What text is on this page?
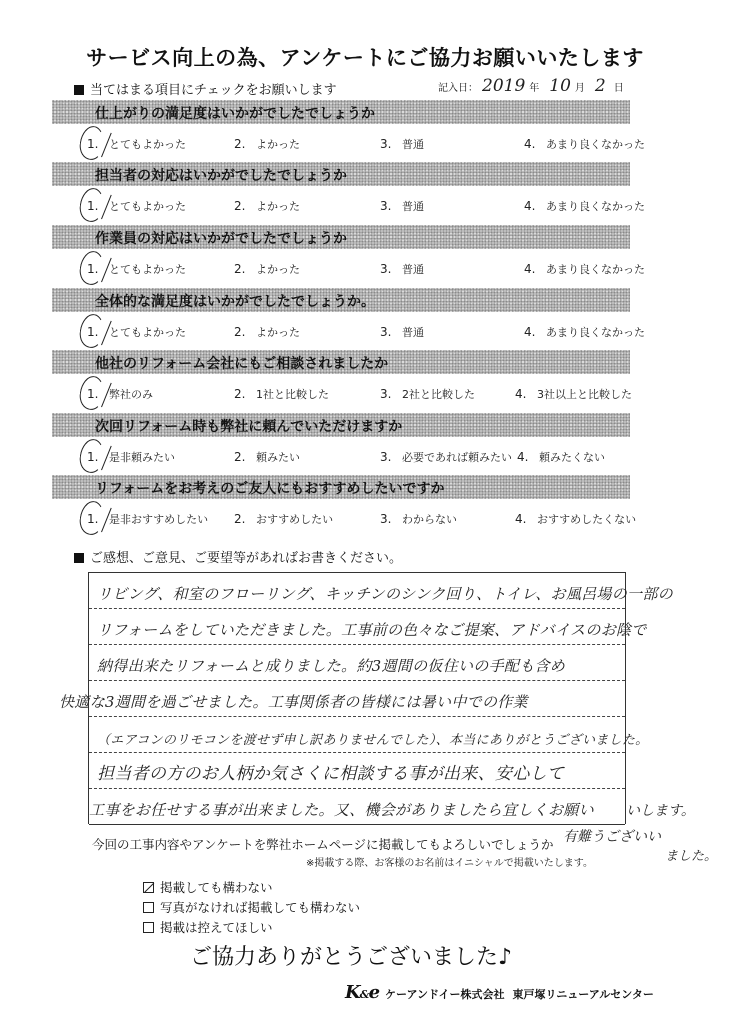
サービス向上の為、アンケートにご協力お願いいたします
当てはまる項目にチェックをお願いします	記入日： 2019 年 10 月 2 日
仕上がりの満足度はいかがでしたでしょうか
1. とてもよかった	2. よかった	3. 普通	4. あまり良くなかった
担当者の対応はいかがでしたでしょうか
1. とてもよかった	2. よかった	3. 普通	4. あまり良くなかった
作業員の対応はいかがでしたでしょうか
1. とてもよかった	2. よかった	3. 普通	4. あまり良くなかった
全体的な満足度はいかがでしたでしょうか。
1. とてもよかった	2. よかった	3. 普通	4. あまり良くなかった
他社のリフォーム会社にもご相談されましたか
1. 弊社のみ	2. 1社と比較した	3. 2社と比較した	4. 3社以上と比較した
次回リフォーム時も弊社に頼んでいただけますか
1. 是非頼みたい	2. 頼みたい	3. 必要であれば頼みたい 4. 頼みたくない
リフォームをお考えのご友人にもおすすめしたいですか
1. 是非おすすめしたい 2. おすすめしたい	3. わからない	4. おすすめしたくない
ご感想、ご意見、ご要望等があればお書きください。
リビング、和室のフローリング、キッチンのシンク回り、トイレ、お風呂場の一部の
リフォームをしていただきました。工事前の色々なご提案、アドバイスのお陰で
納得出来たリフォームと成りました。約3週間の仮住いの手配も含め
快適な3週間を過ごせました。工事関係者の皆様には暑い中での作業
（エアコンのリモコンを渡せず申し訳ありませんでした）、本当にありがとうございました。
担当者の方のお人柄か気さくに相談する事が出来、安心して
工事をお任せする事が出来ました。又、機会がありましたら宜しくお願い いします。
今回の工事内容やアンケートを弊社ホームページに掲載してもよろしいでしょうか 有難うございい
ました。
※掲載する際、お客様のお名前はイニシャルで掲載いたします。
掲載しても構わない
写真がなければ掲載しても構わない
掲載は控えてほしい
ご協力ありがとうございました♪
K&e ケーアンドイー株式会社 東戸塚リニューアルセンター
